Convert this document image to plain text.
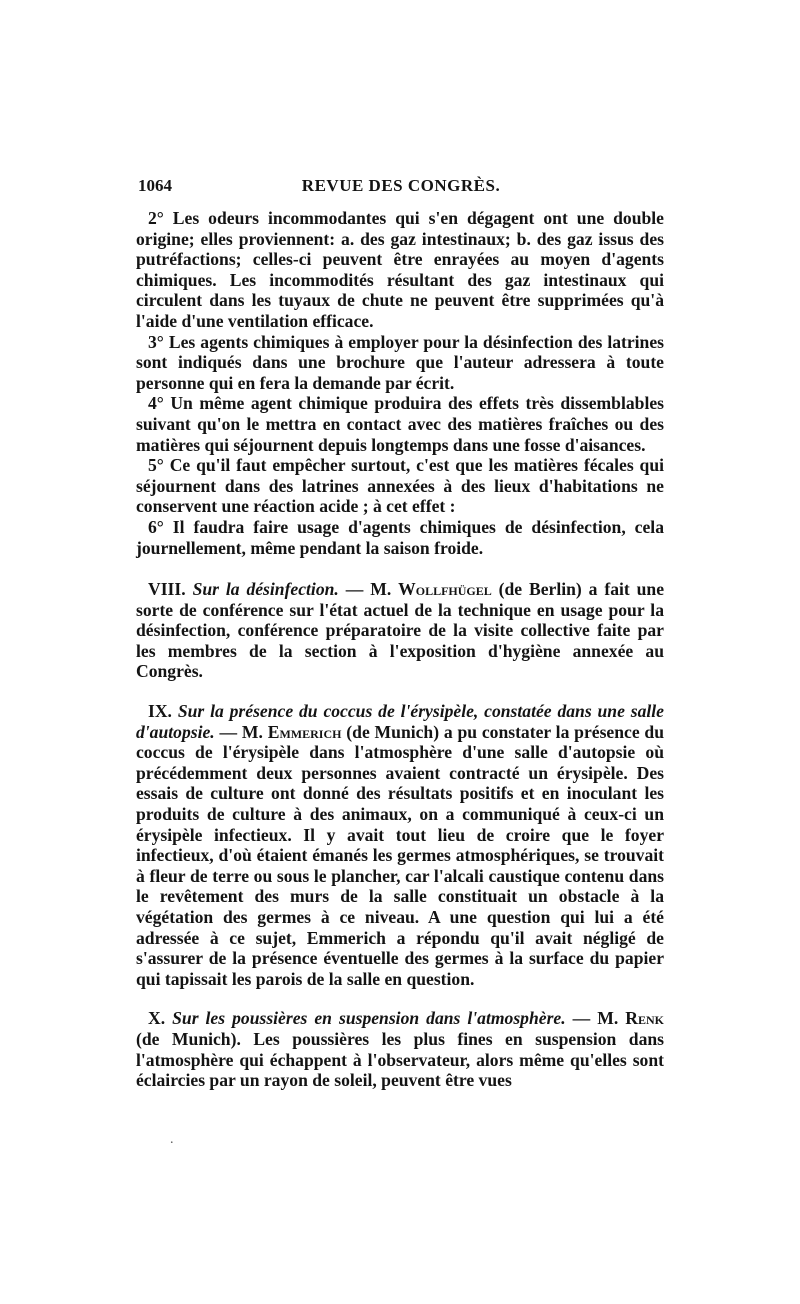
1064	REVUE DES CONGRÈS.

2° Les odeurs incommodantes qui s'en dégagent ont une double origine; elles proviennent: a. des gaz intestinaux; b. des gaz issus des putréfactions; celles-ci peuvent être enrayées au moyen d'agents chimiques. Les incommodités résultant des gaz intestinaux qui circulent dans les tuyaux de chute ne peuvent être supprimées qu'à l'aide d'une ventilation efficace.

3° Les agents chimiques à employer pour la désinfection des latrines sont indiqués dans une brochure que l'auteur adressera à toute personne qui en fera la demande par écrit.

4° Un même agent chimique produira des effets très dissemblables suivant qu'on le mettra en contact avec des matières fraîches ou des matières qui séjournent depuis longtemps dans une fosse d'aisances.

5° Ce qu'il faut empêcher surtout, c'est que les matières fécales qui séjournent dans des latrines annexées à des lieux d'habitations ne conservent une réaction acide ; à cet effet :

6° Il faudra faire usage d'agents chimiques de désinfection, cela journellement, même pendant la saison froide.

VIII. Sur la désinfection. — M. Wollfhügel (de Berlin) a fait une sorte de conférence sur l'état actuel de la technique en usage pour la désinfection, conférence préparatoire de la visite collective faite par les membres de la section à l'exposition d'hygiène annexée au Congrès.

IX. Sur la présence du coccus de l'érysipèle, constatée dans une salle d'autopsie. — M. Emmerich (de Munich) a pu constater la présence du coccus de l'érysipèle dans l'atmosphère d'une salle d'autopsie où précédemment deux personnes avaient contracté un érysipèle. Des essais de culture ont donné des résultats positifs et en inoculant les produits de culture à des animaux, on a communiqué à ceux-ci un érysipèle infectieux. Il y avait tout lieu de croire que le foyer infectieux, d'où étaient émanés les germes atmosphériques, se trouvait à fleur de terre ou sous le plancher, car l'alcali caustique contenu dans le revêtement des murs de la salle constituait un obstacle à la végétation des germes à ce niveau. A une question qui lui a été adressée à ce sujet, Emmerich a répondu qu'il avait négligé de s'assurer de la présence éventuelle des germes à la surface du papier qui tapissait les parois de la salle en question.

X. Sur les poussières en suspension dans l'atmosphère. — M. Renk (de Munich). Les poussières les plus fines en suspension dans l'atmosphère qui échappent à l'observateur, alors même qu'elles sont éclaircies par un rayon de soleil, peuvent être vues

.
